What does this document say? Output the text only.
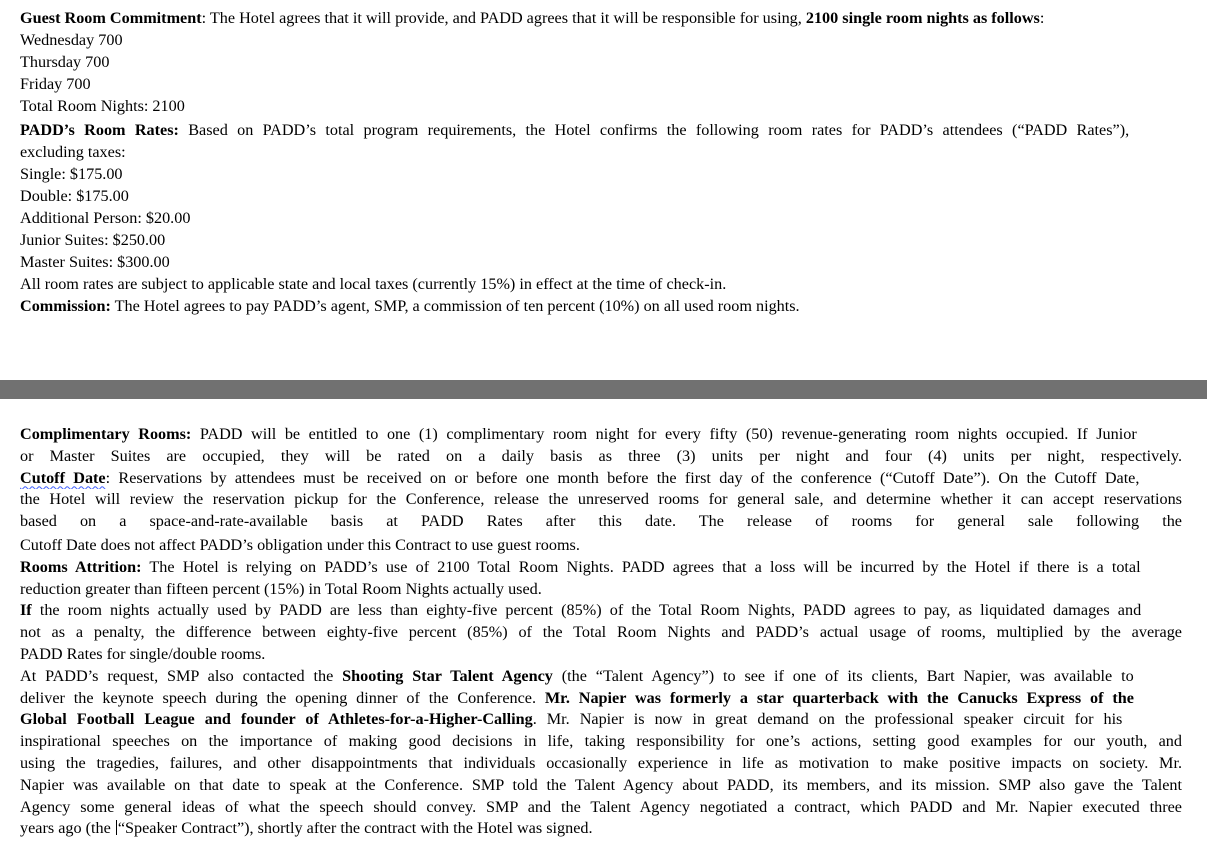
Guest Room Commitment: The Hotel agrees that it will provide, and PADD agrees that it will be responsible for using, 2100 single room nights as follows:
Wednesday 700
Thursday 700
Friday 700
Total Room Nights: 2100
PADD’s Room Rates: Based on PADD’s total program requirements, the Hotel confirms the following room rates for PADD’s attendees (“PADD Rates”),
excluding taxes:
Single: $175.00
Double: $175.00
Additional Person: $20.00
Junior Suites: $250.00
Master Suites: $300.00
All room rates are subject to applicable state and local taxes (currently 15%) in effect at the time of check-in.
Commission: The Hotel agrees to pay PADD’s agent, SMP, a commission of ten percent (10%) on all used room nights.
Complimentary Rooms: PADD will be entitled to one (1) complimentary room night for every fifty (50) revenue-generating room nights occupied. If Junior
or Master Suites are occupied, they will be rated on a daily basis as three (3) units per night and four (4) units per night, respectively.
Cutoff Date: Reservations by attendees must be received on or before one month before the first day of the conference (“Cutoff Date”). On the Cutoff Date,
the Hotel will review the reservation pickup for the Conference, release the unreserved rooms for general sale, and determine whether it can accept reservations
based on a space-and-rate-available basis at PADD Rates after this date. The release of rooms for general sale following the
Cutoff Date does not affect PADD’s obligation under this Contract to use guest rooms.
Rooms Attrition: The Hotel is relying on PADD’s use of 2100 Total Room Nights. PADD agrees that a loss will be incurred by the Hotel if there is a total
reduction greater than fifteen percent (15%) in Total Room Nights actually used.
If the room nights actually used by PADD are less than eighty-five percent (85%) of the Total Room Nights, PADD agrees to pay, as liquidated damages and
not as a penalty, the difference between eighty-five percent (85%) of the Total Room Nights and PADD’s actual usage of rooms, multiplied by the average
PADD Rates for single/double rooms.
At PADD’s request, SMP also contacted the Shooting Star Talent Agency (the “Talent Agency”) to see if one of its clients, Bart Napier, was available to
deliver the keynote speech during the opening dinner of the Conference. Mr. Napier was formerly a star quarterback with the Canucks Express of the
Global Football League and founder of Athletes-for-a-Higher-Calling. Mr. Napier is now in great demand on the professional speaker circuit for his
inspirational speeches on the importance of making good decisions in life, taking responsibility for one’s actions, setting good examples for our youth, and
using the tragedies, failures, and other disappointments that individuals occasionally experience in life as motivation to make positive impacts on society. Mr.
Napier was available on that date to speak at the Conference. SMP told the Talent Agency about PADD, its members, and its mission. SMP also gave the Talent
Agency some general ideas of what the speech should convey. SMP and the Talent Agency negotiated a contract, which PADD and Mr. Napier executed three
years ago (the “Speaker Contract”), shortly after the contract with the Hotel was signed.
